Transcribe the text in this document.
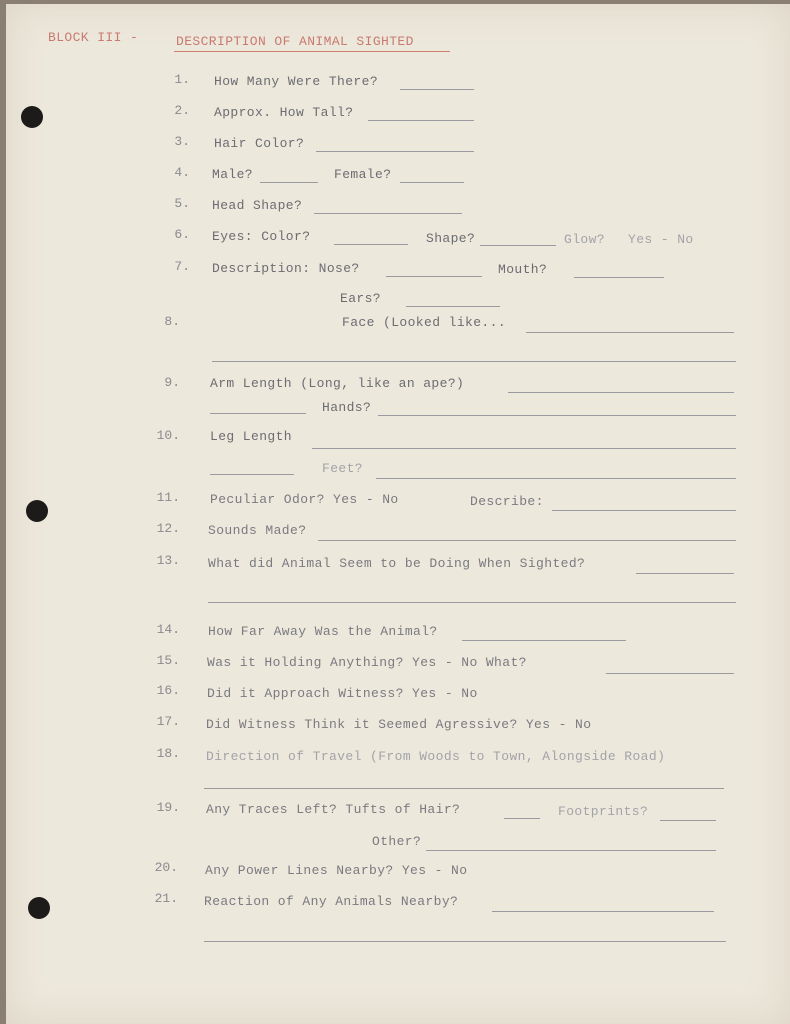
BLOCK III -	DESCRIPTION OF ANIMAL SIGHTED
1. How Many Were There?
2. Approx. How Tall?
3. Hair Color?
4. Male?	Female?
5. Head Shape?
6. Eyes: Color?	Shape?	Glow? Yes - No
7. Description: Nose?	Mouth?
Ears?
8.	Face (Looked like...
9. Arm Length (Long, like an ape?)
Hands?
10. Leg Length
Feet?
11. Peculiar Odor? Yes - No	Describe:
12. Sounds Made?
13. What did Animal Seem to be Doing When Sighted?
14. How Far Away Was the Animal?
15. Was it Holding Anything? Yes - No What?
16. Did it Approach Witness? Yes - No
17. Did Witness Think it Seemed Agressive? Yes - No
18. Direction of Travel (From Woods to Town, Alongside Road)
19. Any Traces Left? Tufts of Hair?	Footprints?
Other?
20. Any Power Lines Nearby? Yes - No
21. Reaction of Any Animals Nearby?
